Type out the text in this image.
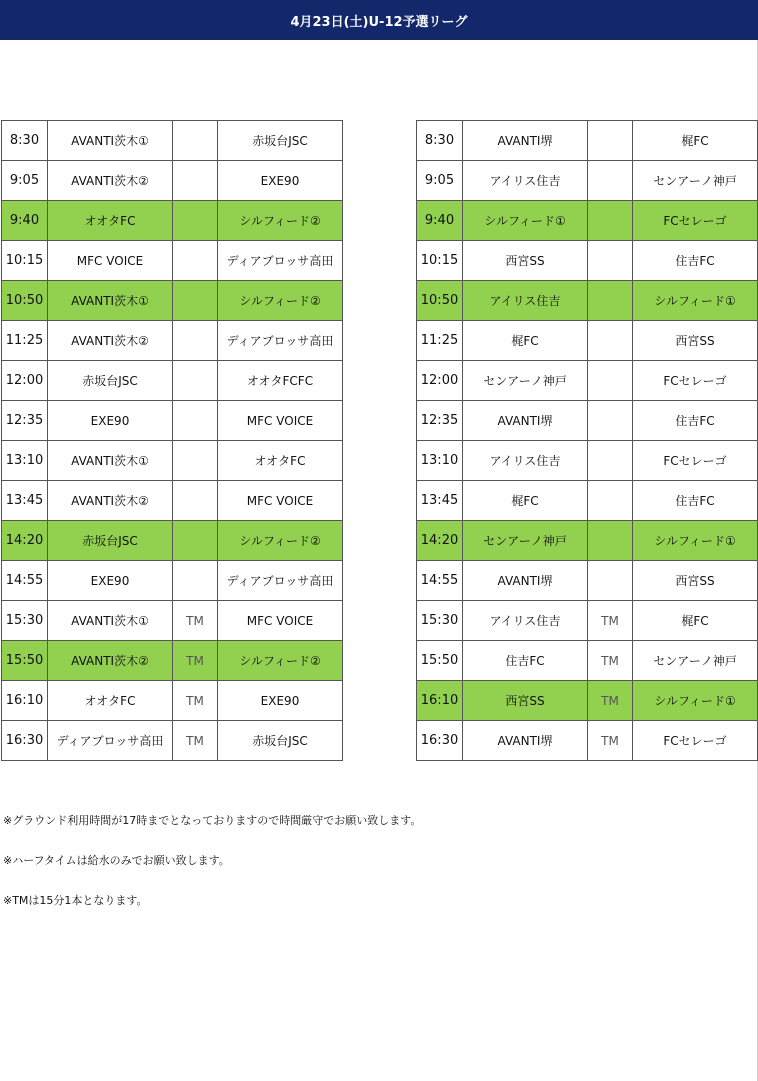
4月23日(土)U-12予選リーグ
8:30	AVANTI茨木①		赤坂台JSC
9:05	AVANTI茨木②		EXE90
9:40	オオタFC		シルフィード②
10:15	MFC VOICE		ディアブロッサ高田
10:50	AVANTI茨木①		シルフィード②
11:25	AVANTI茨木②		ディアブロッサ高田
12:00	赤坂台JSC		オオタFCFC
12:35	EXE90		MFC VOICE
13:10	AVANTI茨木①		オオタFC
13:45	AVANTI茨木②		MFC VOICE
14:20	赤坂台JSC		シルフィード②
14:55	EXE90		ディアブロッサ高田
15:30	AVANTI茨木①	TM	MFC VOICE
15:50	AVANTI茨木②	TM	シルフィード②
16:10	オオタFC	TM	EXE90
16:30	ディアブロッサ高田	TM	赤坂台JSC
8:30	AVANTI堺		梶FC
9:05	アイリス住吉		センアーノ神戸
9:40	シルフィード①		FCセレーゴ
10:15	西宮SS		住吉FC
10:50	アイリス住吉		シルフィード①
11:25	梶FC		西宮SS
12:00	センアーノ神戸		FCセレーゴ
12:35	AVANTI堺		住吉FC
13:10	アイリス住吉		FCセレーゴ
13:45	梶FC		住吉FC
14:20	センアーノ神戸		シルフィード①
14:55	AVANTI堺		西宮SS
15:30	アイリス住吉	TM	梶FC
15:50	住吉FC	TM	センアーノ神戸
16:10	西宮SS	TM	シルフィード①
16:30	AVANTI堺	TM	FCセレーゴ
※グラウンド利用時間が17時までとなっておりますので時間厳守でお願い致します。
※ハーフタイムは給水のみでお願い致します。
※TMは15分1本となります。
